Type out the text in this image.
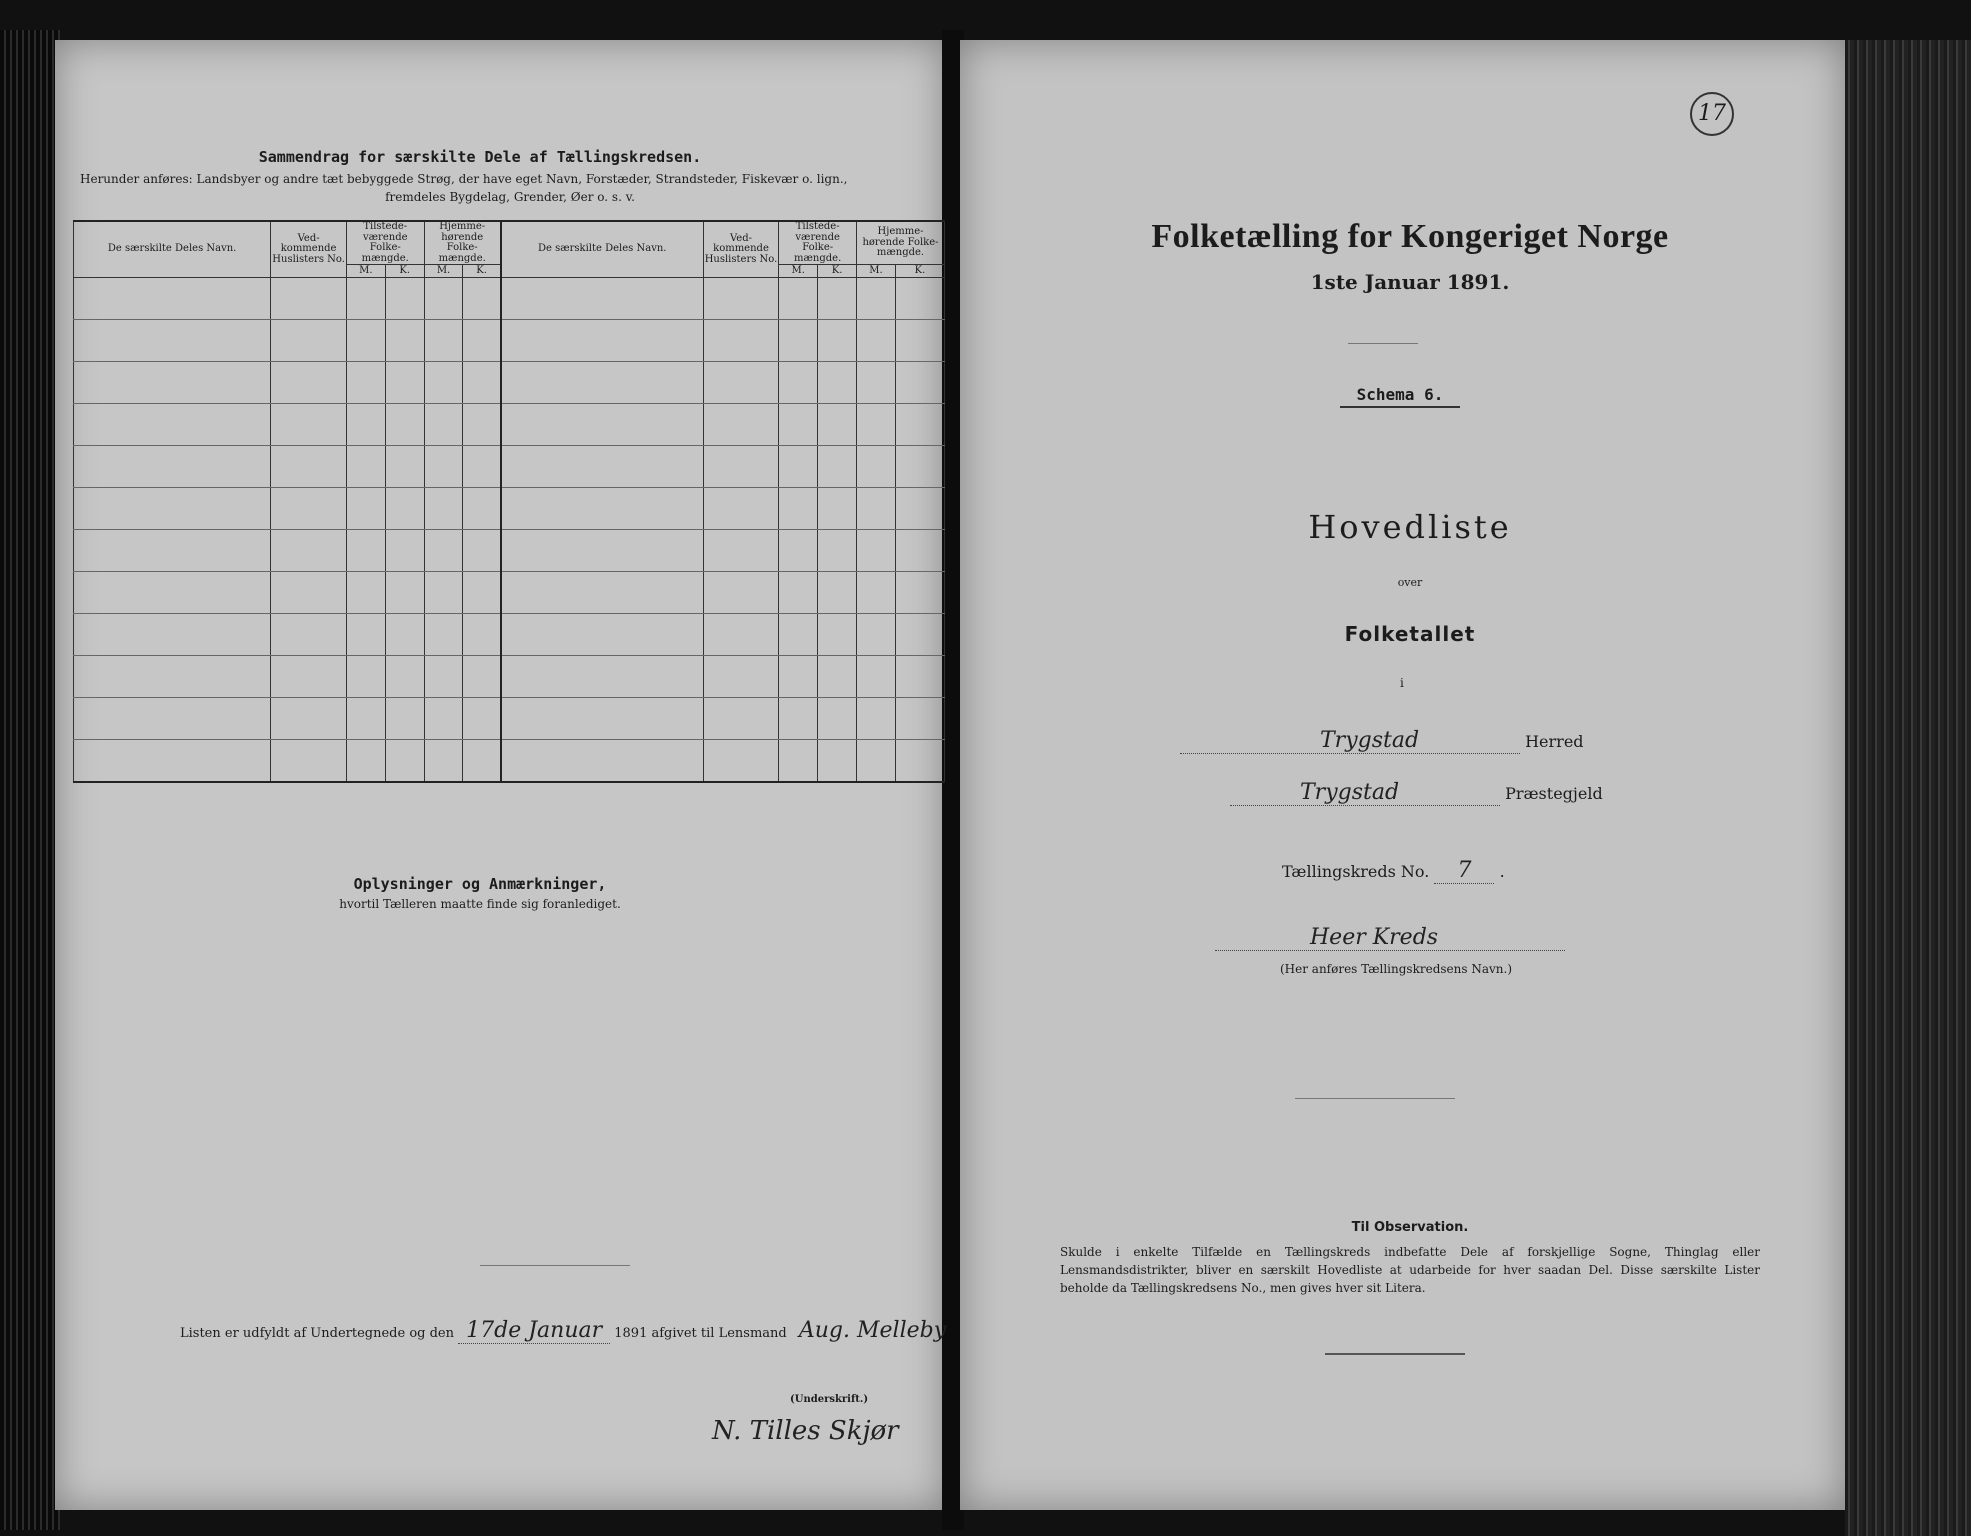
Sammendrag for særskilte Dele af Tællingskredsen.
Herunder anføres: Landsbyer og andre tæt bebyggede Strøg, der have eget Navn, Forstæder, Strandsteder, Fiskevær o. lign.,
fremdeles Bygdelag, Grender, Øer o. s. v.
De særskilte Deles Navn.	Ved-kommende Huslisters No.	Tilstede-værende Folke-mængde.		Hjemme-hørende Folke-mængde.		De særskilte Deles Navn.	Ved-kommende Huslisters No.	Tilstede-værende Folke-mængde.		Hjemme-hørende Folke-mængde.	
		M.	K.	M.	K.			M.	K.	M.	K.

Oplysninger og Anmærkninger,
hvortil Tælleren maatte finde sig foranlediget.
Listen er udfyldt af Undertegnede og den 17de Januar 1891 afgivet til Lensmand Aug. Melleby
(Underskrift.)
N. Tilles Skjør
17
Folketælling for Kongeriget Norge
1ste Januar 1891.
Schema 6.
Hovedliste
over
Folketallet
i
Trygstad	Herred
Trygstad	Præstegjeld
Tællingskreds No. 7 .
Heer Kreds
(Her anføres Tællingskredsens Navn.)
Til Observation.
Skulde i enkelte Tilfælde en Tællingskreds indbefatte Dele af forskjellige Sogne, Thinglag eller Lensmandsdistrikter, bliver en særskilt Hovedliste at udarbeide for hver saadan Del. Disse særskilte Lister beholde da Tællingskredsens No., men gives hver sit Litera.
